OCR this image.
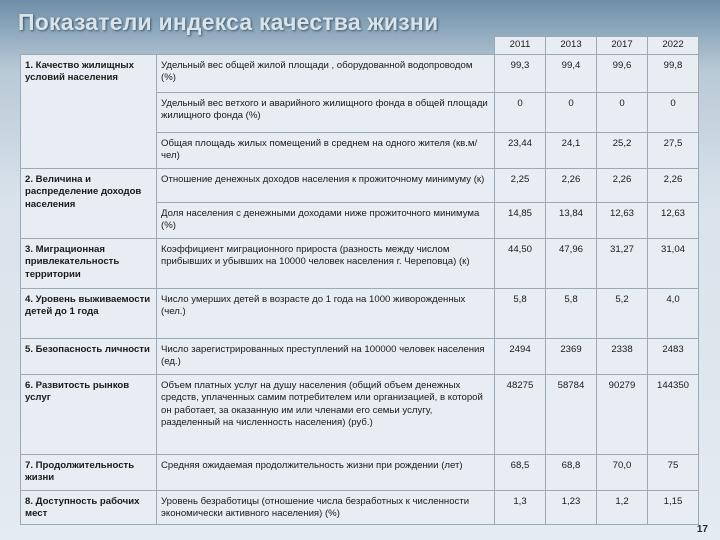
Показатели индекса качества жизни
		2011	2013	2017	2022
1. Качество жилищных условий населения	Удельный вес общей жилой площади , оборудованной водопроводом (%)	99,3	99,4	99,6	99,8
	Удельный вес ветхого и аварийного жилищного фонда в общей площади жилищного фонда (%)	0	0	0	0
	Общая площадь жилых помещений в среднем на одного жителя (кв.м/чел)	23,44	24,1	25,2	27,5
2. Величина и распределение доходов населения	Отношение денежных доходов населения к прожиточному минимуму (к)	2,25	2,26	2,26	2,26
	Доля населения с денежными доходами ниже прожиточного минимума (%)	14,85	13,84	12,63	12,63
3. Миграционная привлекательность территории	Коэффициент миграционного прироста (разность между числом прибывших и убывших на 10000 человек населения г. Череповца) (к)	44,50	47,96	31,27	31,04
4. Уровень выживаемости детей до 1 года	Число умерших детей в возрасте до 1 года на 1000 живорожденных (чел.)	5,8	5,8	5,2	4,0
5. Безопасность личности	Число зарегистрированных преступлений на 100000 человек населения (ед.)	2494	2369	2338	2483
6. Развитость рынков услуг	Объем платных услуг на душу населения (общий объем денежных средств, уплаченных самим потребителем или организацией, в которой он работает, за оказанную им или членами его семьи услугу, разделенный на численность населения) (руб.)	48275	58784	90279	144350
7. Продолжительность жизни	Средняя ожидаемая продолжительность жизни при рождении (лет)	68,5	68,8	70,0	75
8. Доступность рабочих мест	Уровень безработицы (отношение числа безработных к численности экономически активного населения) (%)	1,3	1,23	1,2	1,15
17
